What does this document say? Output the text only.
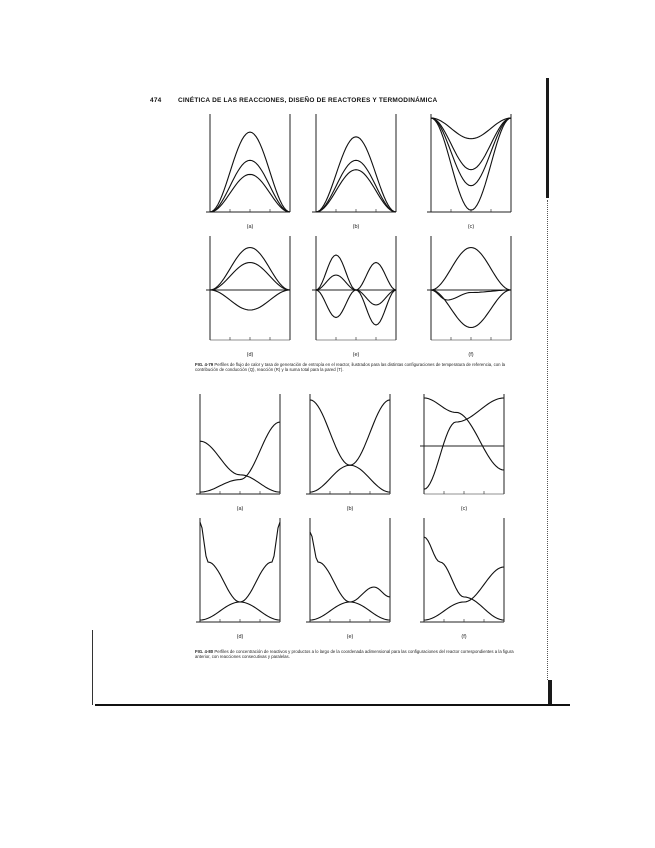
474	CINÉTICA DE LAS REACCIONES, DISEÑO DE REACTORES Y TERMODINÁMICA
(a)	(b)	(c)
(d)	(e)	(f)
(a)	(b)	(c)
(d)	(e)	(f)
FIG. 4-79 Perfiles de flujo de calor y tasa de generación de entropía en el reactor, ilustrados para las distintas configuraciones de temperatura de referencia, con la contribución de conducción (Q), reacción (R) y la suma total para la pared (T).
FIG. 4-80 Perfiles de concentración de reactivos y productos a lo largo de la coordenada adimensional para las configuraciones del reactor correspondientes a la figura anterior, con reacciones consecutivas y paralelas.
